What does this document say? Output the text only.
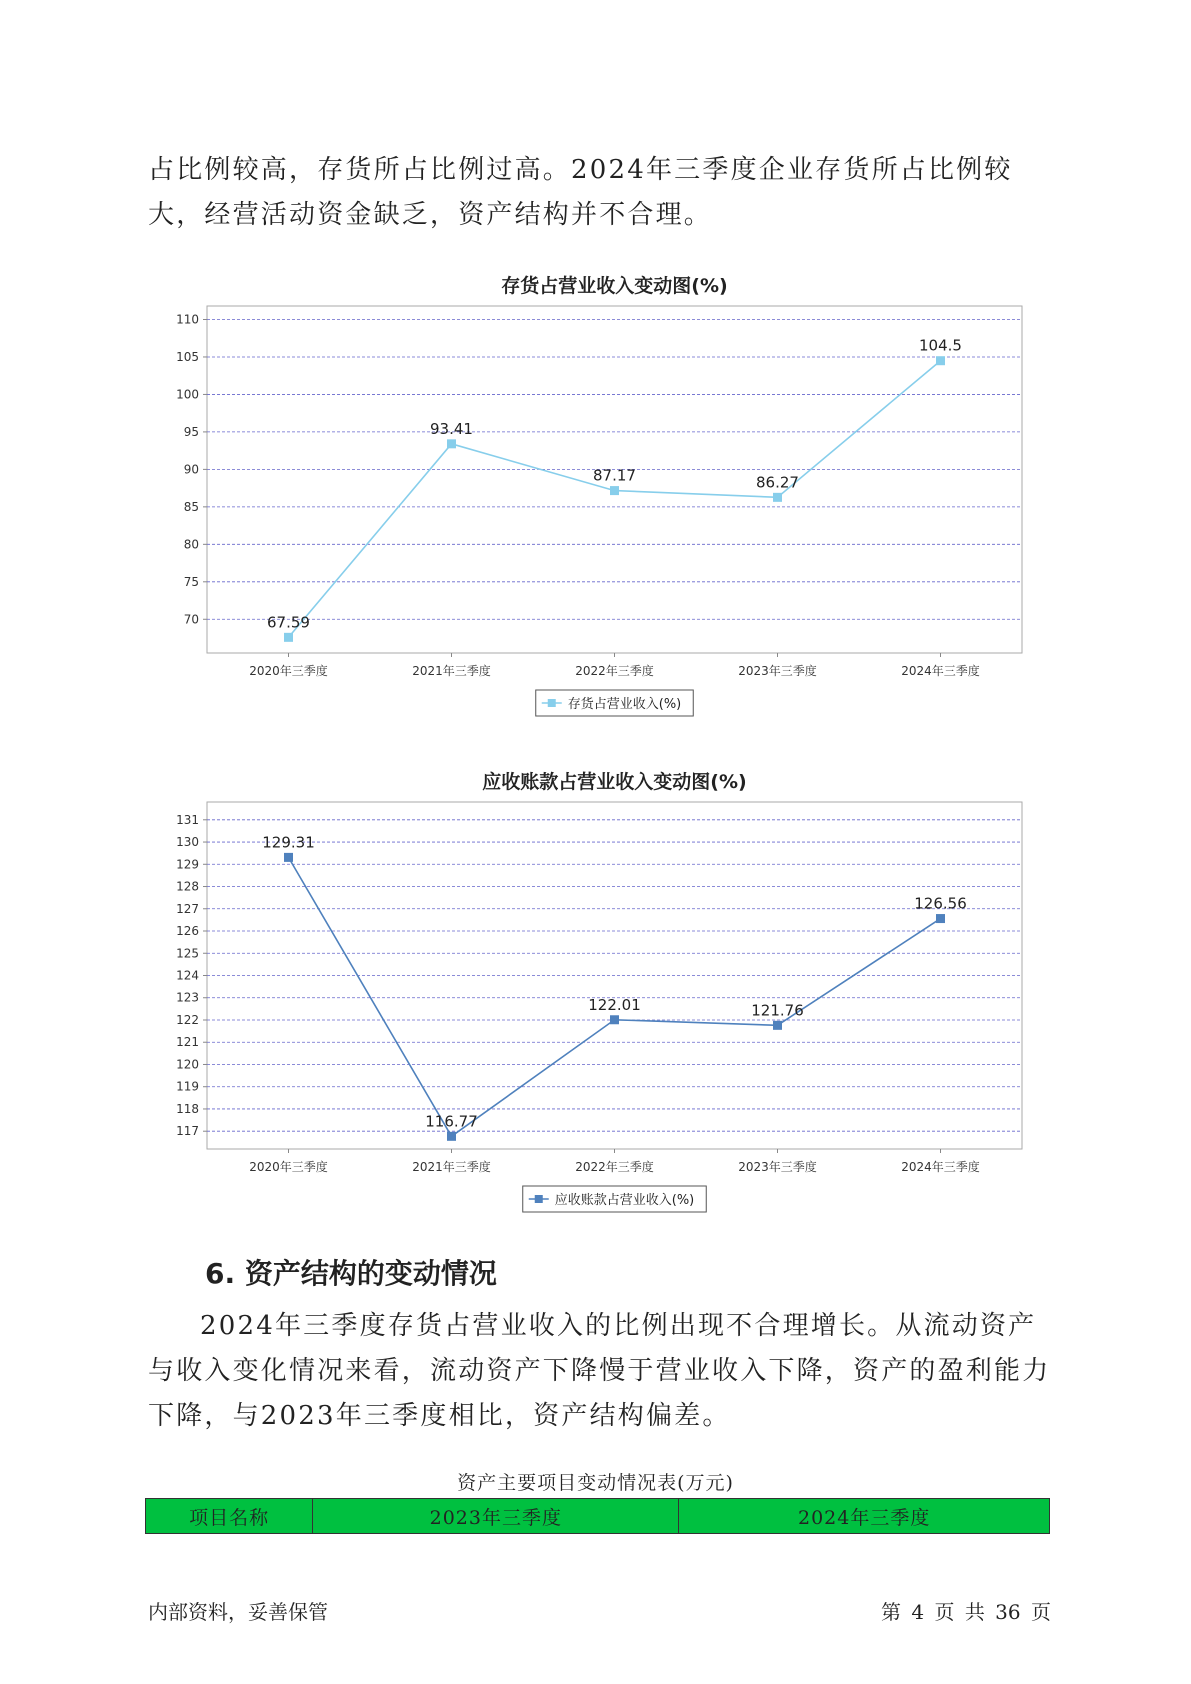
占比例较高，存货所占比例过高。2024年三季度企业存货所占比例较大，经营活动资金缺乏，资产结构并不合理。

存货占营业收入变动图(%)
70
75
80
85
90
95
100
105
110
2020年三季度	2021年三季度	2022年三季度	2023年三季度	2024年三季度
67.59
93.41
87.17	86.27
104.5
存货占营业收入(%)
应收账款占营业收入变动图(%)
117
118
119
120
121
122
123
124
125
126
127
128
129
130
131
2020年三季度	2021年三季度	2022年三季度	2023年三季度	2024年三季度
129.31
116.77
122.01	121.76
126.56
应收账款占营业收入(%)
6. 资产结构的变动情况

2024年三季度存货占营业收入的比例出现不合理增长。从流动资产与收入变化情况来看，流动资产下降慢于营业收入下降，资产的盈利能力下降，与2023年三季度相比，资产结构偏差。

资产主要项目变动情况表(万元)
项目名称	2023年三季度	2024年三季度
内部资料，妥善保管	第 4 页 共 36 页
